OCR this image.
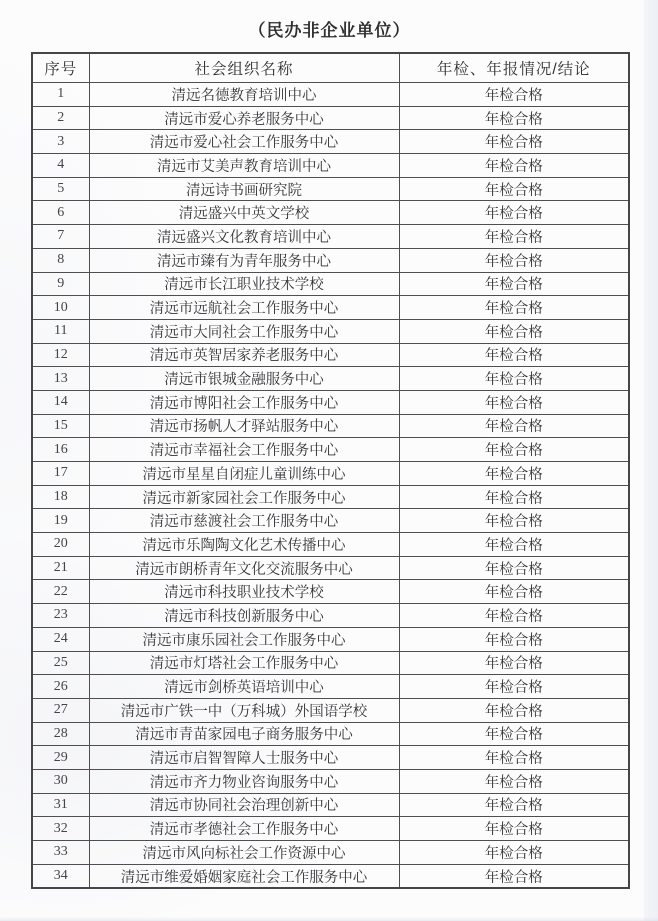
（民办非企业单位）
序号	社会组织名称	年检、年报情况/结论
1	清远名德教育培训中心	年检合格
2	清远市爱心养老服务中心	年检合格
3	清远市爱心社会工作服务中心	年检合格
4	清远市艾美声教育培训中心	年检合格
5	清远诗书画研究院	年检合格
6	清远盛兴中英文学校	年检合格
7	清远盛兴文化教育培训中心	年检合格
8	清远市臻有为青年服务中心	年检合格
9	清远市长江职业技术学校	年检合格
10	清远市远航社会工作服务中心	年检合格
11	清远市大同社会工作服务中心	年检合格
12	清远市英智居家养老服务中心	年检合格
13	清远市银城金融服务中心	年检合格
14	清远市博阳社会工作服务中心	年检合格
15	清远市扬帆人才驿站服务中心	年检合格
16	清远市幸福社会工作服务中心	年检合格
17	清远市星星自闭症儿童训练中心	年检合格
18	清远市新家园社会工作服务中心	年检合格
19	清远市慈渡社会工作服务中心	年检合格
20	清远市乐陶陶文化艺术传播中心	年检合格
21	清远市朗桥青年文化交流服务中心	年检合格
22	清远市科技职业技术学校	年检合格
23	清远市科技创新服务中心	年检合格
24	清远市康乐园社会工作服务中心	年检合格
25	清远市灯塔社会工作服务中心	年检合格
26	清远市剑桥英语培训中心	年检合格
27	清远市广铁一中（万科城）外国语学校	年检合格
28	清远市青苗家园电子商务服务中心	年检合格
29	清远市启智智障人士服务中心	年检合格
30	清远市齐力物业咨询服务中心	年检合格
31	清远市协同社会治理创新中心	年检合格
32	清远市孝德社会工作服务中心	年检合格
33	清远市风向标社会工作资源中心	年检合格
34	清远市维爱婚姻家庭社会工作服务中心	年检合格
